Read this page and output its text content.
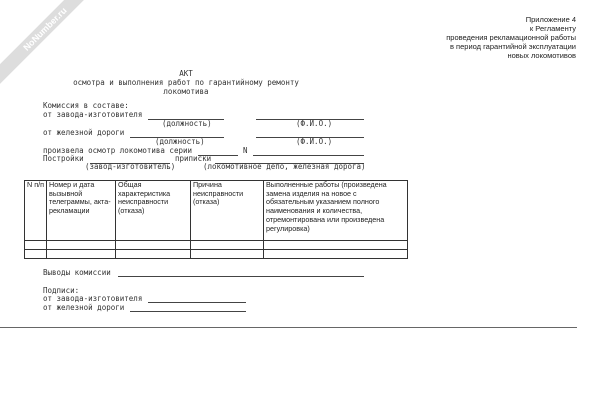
NoNumber.ru	Приложение 4
к Регламенту
проведения рекламационной работы
в период гарантийной эксплуатации
новых локомотивов
АКТ
осмотра и выполнения работ по гарантийному ремонту
локомотива
Комиссия в составе:
от завода-изготовителя
(должность)	(Ф.И.О.)
от железной дороги
(должность)	(Ф.И.О.)
произвела осмотр локомотива серии	N
Постройки	приписки
(завод-изготовитель)	(локомотивное депо, железная дорога)
N п/п	Номер и дата вызывной телеграммы, акта-рекламации	Общая характеристика неисправности (отказа)	Причина неисправности (отказа)	Выполненные работы (произведена замена изделия на новое с обязательным указанием полного наименования и количества, отремонтирована или произведена регулировка)

Выводы комиссии
Подписи:
от завода-изготовителя
от железной дороги
